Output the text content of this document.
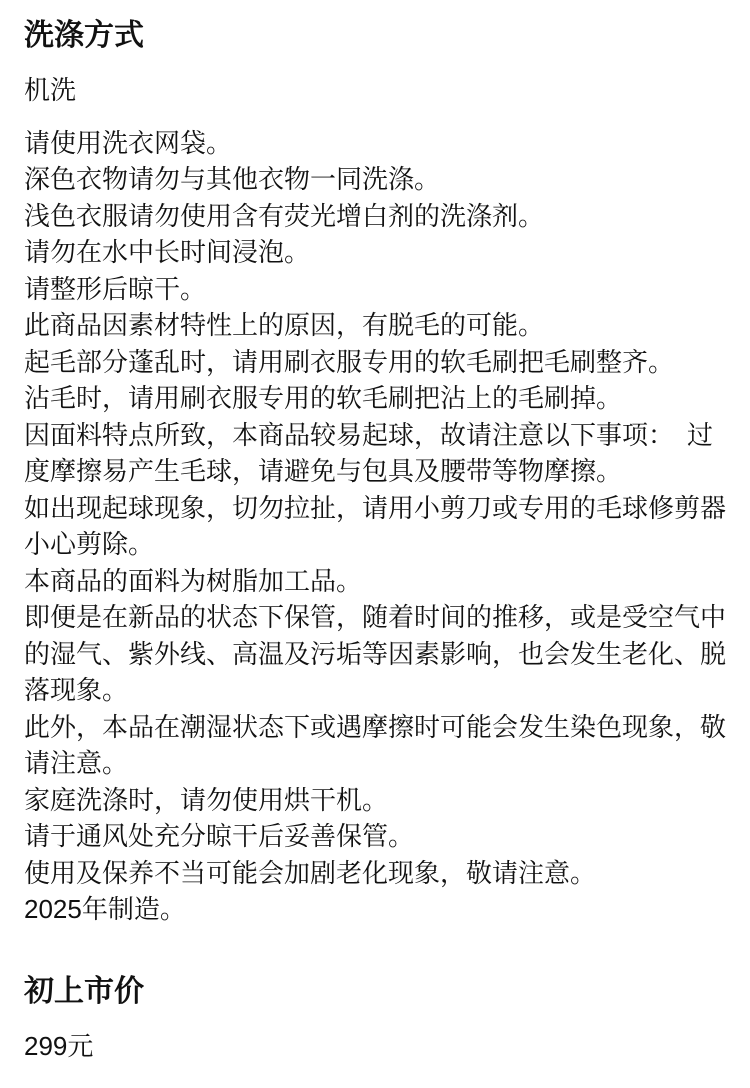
洗涤方式

机洗

请使用洗衣网袋。
深色衣物请勿与其他衣物一同洗涤。
浅色衣服请勿使用含有荧光增白剂的洗涤剂。
请勿在水中长时间浸泡。
请整形后晾干。
此商品因素材特性上的原因，有脱毛的可能。
起毛部分蓬乱时，请用刷衣服专用的软毛刷把毛刷整齐。
沾毛时，请用刷衣服专用的软毛刷把沾上的毛刷掉。
因面料特点所致，本商品较易起球，故请注意以下事项：　过
度摩擦易产生毛球，请避免与包具及腰带等物摩擦。
如出现起球现象，切勿拉扯，请用小剪刀或专用的毛球修剪器
小心剪除。
本商品的面料为树脂加工品。
即便是在新品的状态下保管，随着时间的推移，或是受空气中
的湿气、紫外线、高温及污垢等因素影响，也会发生老化、脱
落现象。
此外，本品在潮湿状态下或遇摩擦时可能会发生染色现象，敬
请注意。
家庭洗涤时，请勿使用烘干机。
请于通风处充分晾干后妥善保管。
使用及保养不当可能会加剧老化现象，敬请注意。
2025年制造。
初上市价

299元
